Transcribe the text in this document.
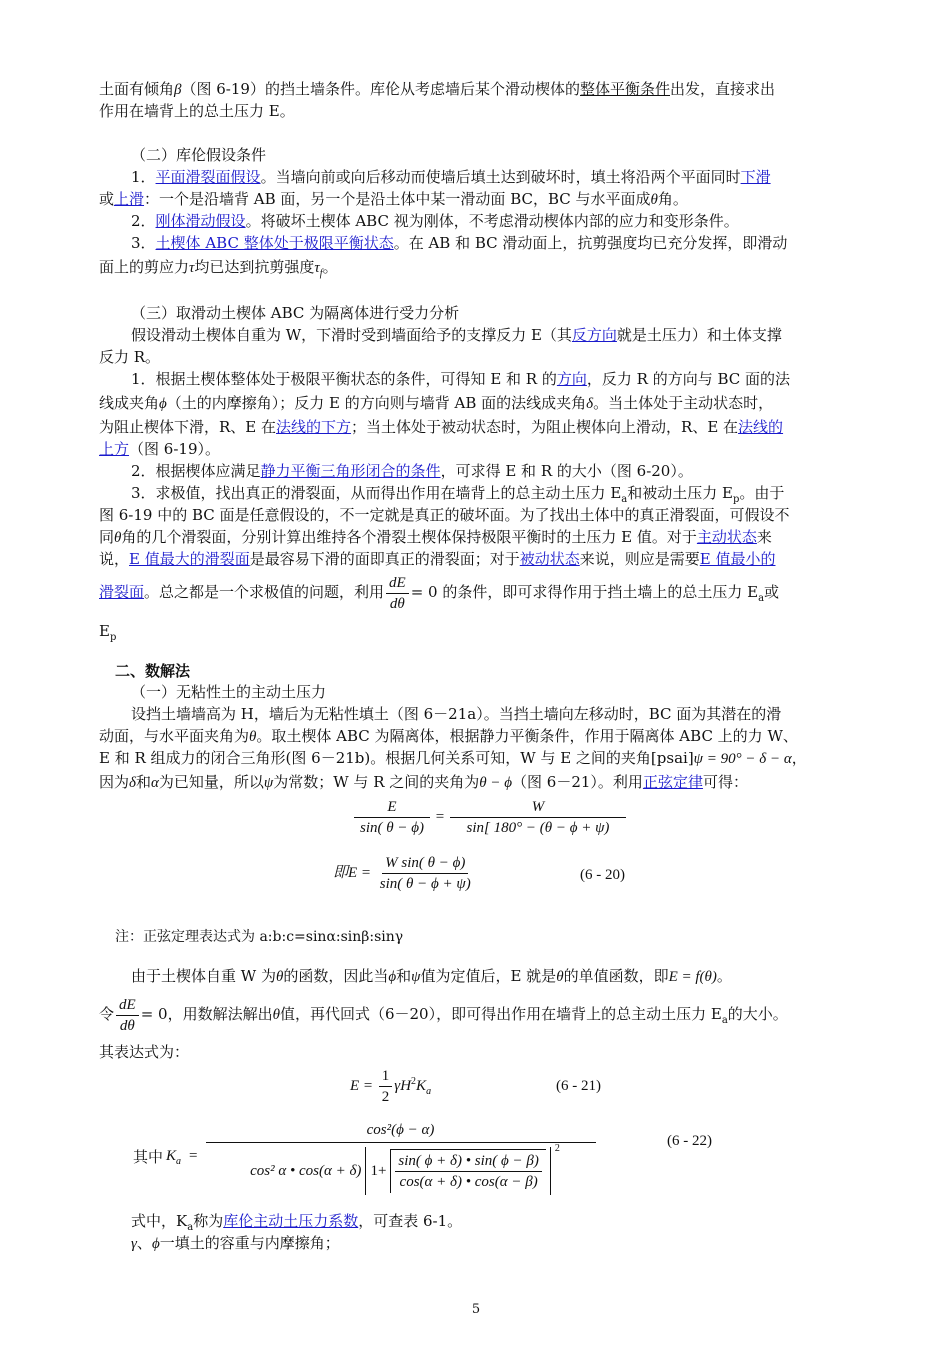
土面有倾角β（图 6-19）的挡土墙条件。库伦从考虑墙后某个滑动楔体的整体平衡条件出发，直接求出
作用在墙背上的总土压力 E。
（二）库伦假设条件
1．平面滑裂面假设。当墙向前或向后移动而使墙后填土达到破坏时，填土将沿两个平面同时下滑
或上滑：一个是沿墙背 AB 面，另一个是沿土体中某一滑动面 BC，BC 与水平面成θ角。
2．刚体滑动假设。将破坏土楔体 ABC 视为刚体，不考虑滑动楔体内部的应力和变形条件。
3．土楔体 ABC 整体处于极限平衡状态。在 AB 和 BC 滑动面上，抗剪强度均已充分发挥，即滑动
面上的剪应力τ均已达到抗剪强度$\tau_f$。
（三）取滑动土楔体 ABC 为隔离体进行受力分析
假设滑动土楔体自重为 W，下滑时受到墙面给予的支撑反力 E（其反方向就是土压力）和土体支撑
反力 R。
1．根据土楔体整体处于极限平衡状态的条件，可得知 E 和 R 的方向，反力 R 的方向与 BC 面的法
线成夹角ϕ（土的内摩擦角）；反力 E 的方向则与墙背 AB 面的法线成夹角δ。当土体处于主动状态时，
为阻止楔体下滑，R、E 在法线的下方；当土体处于被动状态时，为阻止楔体向上滑动，R、E 在法线的
上方（图 6-19）。
2．根据楔体应满足静力平衡三角形闭合的条件，可求得 E 和 R 的大小（图 6-20）。
3．求极值，找出真正的滑裂面，从而得出作用在墙背上的总主动土压力 $E_a$和被动土压力 $E_p$。由于
图 6-19 中的 BC 面是任意假设的，不一定就是真正的破坏面。为了找出土体中的真正滑裂面，可假设不
同θ角的几个滑裂面，分别计算出维持各个滑裂土楔体保持极限平衡时的土压力 E 值。对于主动状态来
说，E 值最大的滑裂面是最容易下滑的面即真正的滑裂面；对于被动状态来说，则应是需要E 值最小的
滑裂面。总之都是一个求极值的问题，利用 $\frac{dE}{d\theta} = 0$ 的条件，即可求得作用于挡土墙上的总土压力 $E_a$或
$E_p$
二、数解法
（一）无粘性土的主动土压力
设挡土墙墙高为 H，墙后为无粘性填土（图 6－21a）。当挡土墙向左移动时，BC 面为其潜在的滑
动面，与水平面夹角为θ。取土楔体 ABC 为隔离体，根据静力平衡条件，作用于隔离体 ABC 上的力 W、
E 和 R 组成力的闭合三角形(图 6－21b)。根据几何关系可知，W 与 E 之间的夹角[psai]ψ = 90° − δ − α，
因为δ和α为已知量，所以ψ为常数；W 与 R 之间的夹角为θ − ϕ（图 6－21）。利用正弦定律可得：
$\frac{E}{\sin( \theta - \phi)} = \frac{W}{\sin[ 180^\circ - (\theta - \phi + \psi)}$
即$E = \frac{\text{W sin( θ − ϕ)}}{\sin( \theta - \phi + \psi)}$	(6 - 20)
注：正弦定理表达式为 a:b:c=sinα:sinβ:sinγ
由于土楔体自重 W 为θ的函数，因此当ϕ和ψ值为定值后，E 就是θ的单值函数，即E = f(θ)。
令 $\frac{dE}{d\theta} = 0$，用数解法解出θ值，再代回式（6－20），即可得出作用在墙背上的总主动土压力 $E_a$的大小。
其表达式为：
$E = \frac{1}{2} \gamma H^2K_a$	(6 - 21)
其中 $K_a$ =
cos²(ϕ − α)
cos² α • cos(α + δ) $1+ \frac{\sin( \phi + \delta) • \sin( \phi - \beta)}{\cos(\alpha + \delta) • \cos(\alpha - \beta)}$
$^2$	(6 - 22)
式中，$K_a$称为库伦主动土压力系数，可查表 6-1。
γ、ϕ一填土的容重与内摩擦角；
5
